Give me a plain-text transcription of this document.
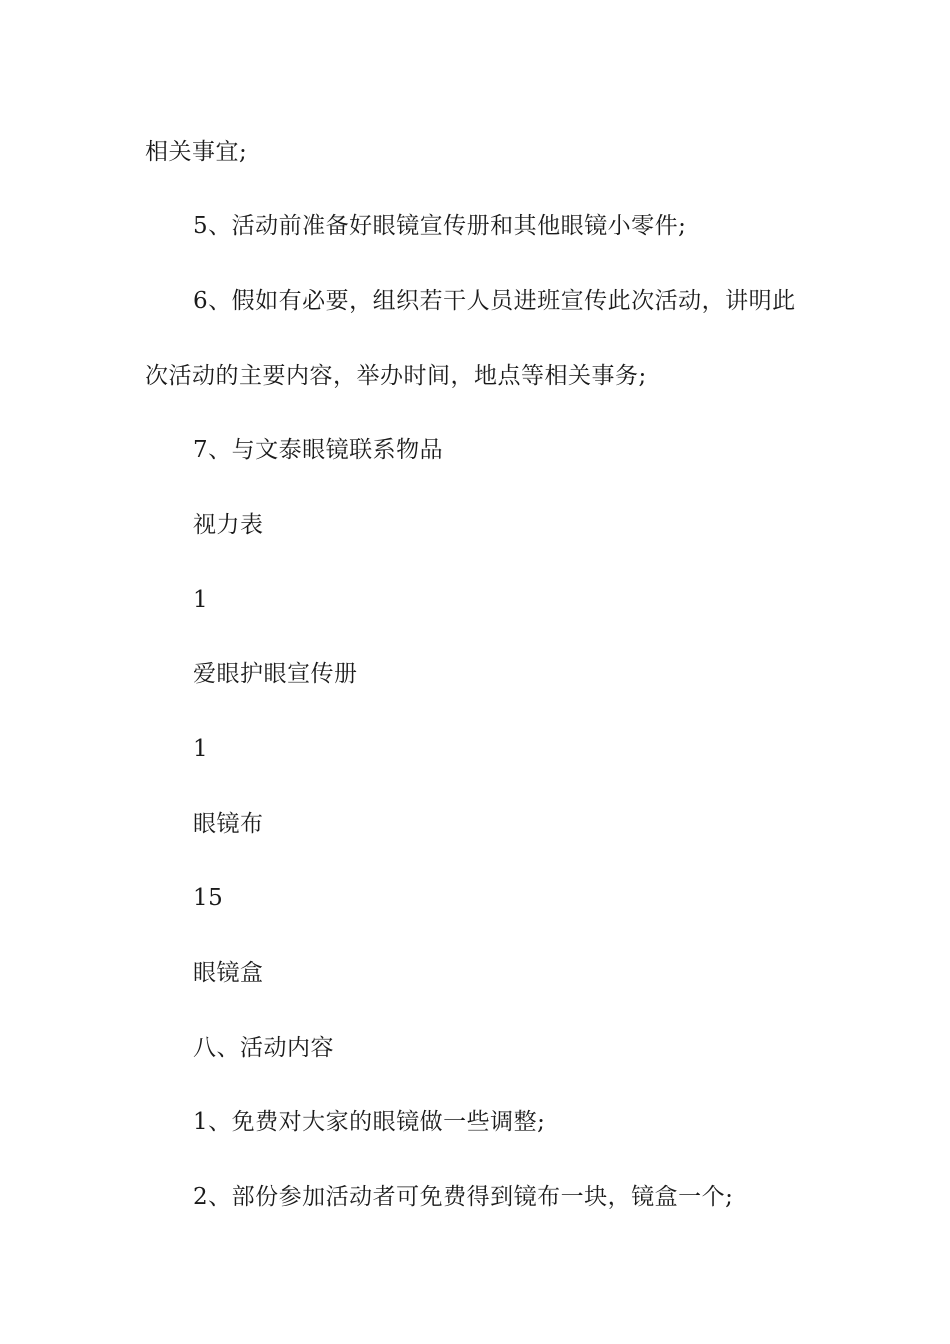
相关事宜;
5、活动前准备好眼镜宣传册和其他眼镜小零件;
6、假如有必要，组织若干人员进班宣传此次活动，讲明此
次活动的主要内容，举办时间，地点等相关事务;
7、与文泰眼镜联系物品
视力表
1
爱眼护眼宣传册
1
眼镜布
15
眼镜盒
八、活动内容
1、免费对大家的眼镜做一些调整;
2、部份参加活动者可免费得到镜布一块，镜盒一个;
